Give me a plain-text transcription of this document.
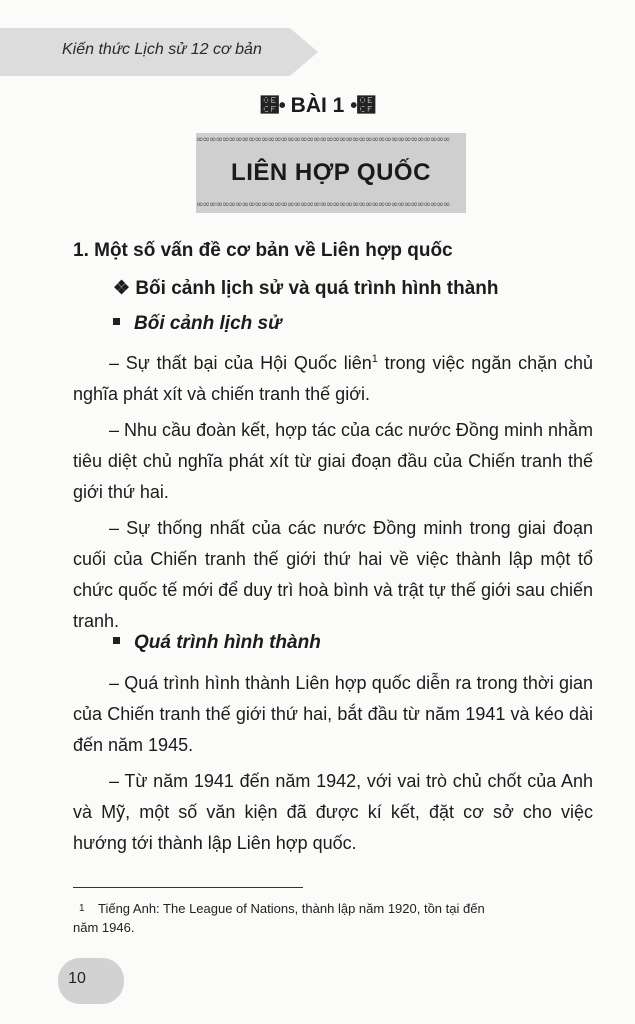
Kiến thức Lịch sử 12 cơ bản
໏• BÀI 1 •໏
∞∞∞∞∞∞∞∞∞∞∞∞∞∞∞∞∞∞∞∞∞∞∞∞∞∞∞∞∞∞∞∞∞∞∞∞∞∞∞
LIÊN HỢP QUỐC
∞∞∞∞∞∞∞∞∞∞∞∞∞∞∞∞∞∞∞∞∞∞∞∞∞∞∞∞∞∞∞∞∞∞∞∞∞∞∞
1. Một số vấn đề cơ bản về Liên hợp quốc
❖ Bối cảnh lịch sử và quá trình hình thành
Bối cảnh lịch sử

– Sự thất bại của Hội Quốc liên$^1$ trong việc ngăn chặn chủ nghĩa phát xít và chiến tranh thế giới.

– Nhu cầu đoàn kết, hợp tác của các nước Đồng minh nhằm tiêu diệt chủ nghĩa phát xít từ giai đoạn đầu của Chiến tranh thế giới thứ hai.

– Sự thống nhất của các nước Đồng minh trong giai đoạn cuối của Chiến tranh thế giới thứ hai về việc thành lập một tổ chức quốc tế mới để duy trì hoà bình và trật tự thế giới sau chiến tranh.

Quá trình hình thành

– Quá trình hình thành Liên hợp quốc diễn ra trong thời gian của Chiến tranh thế giới thứ hai, bắt đầu từ năm 1941 và kéo dài đến năm 1945.

– Từ năm 1941 đến năm 1942, với vai trò chủ chốt của Anh và Mỹ, một số văn kiện đã được kí kết, đặt cơ sở cho việc hướng tới thành lập Liên hợp quốc.

1	Tiếng Anh: The League of Nations, thành lập năm 1920, tồn tại đến
năm 1946.
10
